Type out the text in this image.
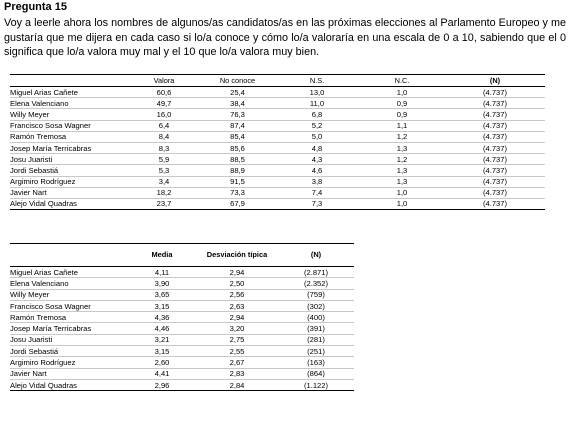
Pregunta 15
Voy a leerle ahora los nombres de algunos/as candidatos/as en las próximas elecciones al Parlamento Europeo y me gustaría que me dijera en cada caso si lo/a conoce y cómo lo/a valoraría en una escala de 0 a 10, sabiendo que el 0 significa que lo/a valora muy mal y el 10 que lo/a valora muy bien.
	Valora	No conoce	N.S.	N.C.	(N)
Miguel Arias Cañete	60,6	25,4	13,0	1,0	(4.737)
Elena Valenciano	49,7	38,4	11,0	0,9	(4.737)
Willy Meyer	16,0	76,3	6,8	0,9	(4.737)
Francisco Sosa Wagner	6,4	87,4	5,2	1,1	(4.737)
Ramón Tremosa	8,4	85,4	5,0	1,2	(4.737)
Josep María Terricabras	8,3	85,6	4,8	1,3	(4.737)
Josu Juaristi	5,9	88,5	4,3	1,2	(4.737)
Jordi Sebastiá	5,3	88,9	4,6	1,3	(4.737)
Argimiro Rodríguez	3,4	91,5	3,8	1,3	(4.737)
Javier Nart	18,2	73,3	7,4	1,0	(4.737)
Alejo Vidal Quadras	23,7	67,9	7,3	1,0	(4.737)
	Media	Desviación típica	(N)
Miguel Arias Cañete	4,11	2,94	(2.871)
Elena Valenciano	3,90	2,50	(2.352)
Willy Meyer	3,65	2,56	(759)
Francisco Sosa Wagner	3,15	2,63	(302)
Ramón Tremosa	4,36	2,94	(400)
Josep María Terricabras	4,46	3,20	(391)
Josu Juaristi	3,21	2,75	(281)
Jordi Sebastiá	3,15	2,55	(251)
Argimiro Rodríguez	2,60	2,67	(163)
Javier Nart	4,41	2,83	(864)
Alejo Vidal Quadras	2,96	2,84	(1.122)
